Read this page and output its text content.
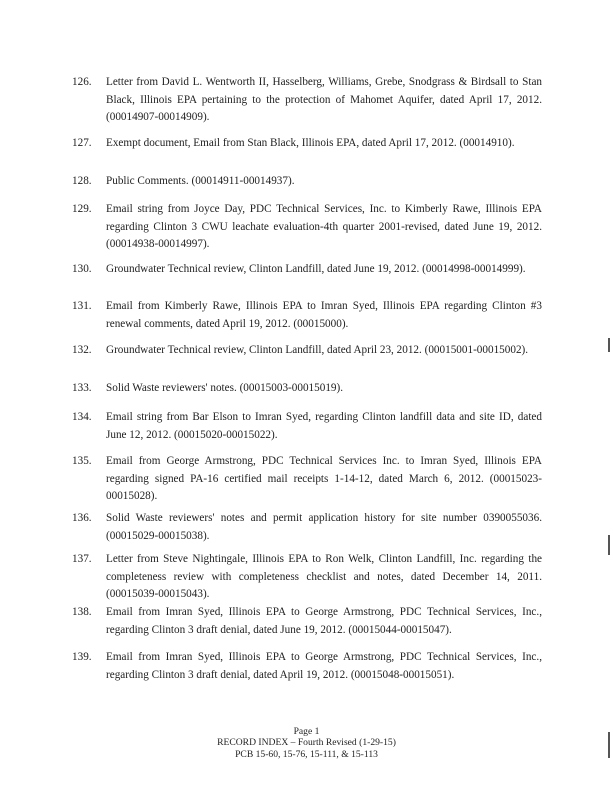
126.	Letter from David L. Wentworth II, Hasselberg, Williams, Grebe, Snodgrass & Birdsall to Stan Black, Illinois EPA pertaining to the protection of Mahomet Aquifer, dated April 17, 2012. (00014907-00014909).
127.	Exempt document, Email from Stan Black, Illinois EPA, dated April 17, 2012. (00014910).
128.	Public Comments. (00014911-00014937).
129.	Email string from Joyce Day, PDC Technical Services, Inc. to Kimberly Rawe, Illinois EPA regarding Clinton 3 CWU leachate evaluation-4th quarter 2001-revised, dated June 19, 2012. (00014938-00014997).
130.	Groundwater Technical review, Clinton Landfill, dated June 19, 2012. (00014998-00014999).
131.	Email from Kimberly Rawe, Illinois EPA to Imran Syed, Illinois EPA regarding Clinton #3 renewal comments, dated April 19, 2012. (00015000).
132.	Groundwater Technical review, Clinton Landfill, dated April 23, 2012. (00015001-00015002).
133.	Solid Waste reviewers' notes. (00015003-00015019).
134.	Email string from Bar Elson to Imran Syed, regarding Clinton landfill data and site ID, dated June 12, 2012. (00015020-00015022).
135.	Email from George Armstrong, PDC Technical Services Inc. to Imran Syed, Illinois EPA regarding signed PA-16 certified mail receipts 1-14-12, dated March 6, 2012. (00015023-00015028).
136.	Solid Waste reviewers' notes and permit application history for site number 0390055036. (00015029-00015038).
137.	Letter from Steve Nightingale, Illinois EPA to Ron Welk, Clinton Landfill, Inc. regarding the completeness review with completeness checklist and notes, dated December 14, 2011. (00015039-00015043).
138.	Email from Imran Syed, Illinois EPA to George Armstrong, PDC Technical Services, Inc., regarding Clinton 3 draft denial, dated June 19, 2012. (00015044-00015047).
139.	Email from Imran Syed, Illinois EPA to George Armstrong, PDC Technical Services, Inc., regarding Clinton 3 draft denial, dated April 19, 2012. (00015048-00015051).
Page 1
RECORD INDEX – Fourth Revised (1-29-15)
PCB 15-60, 15-76, 15-111, & 15-113
